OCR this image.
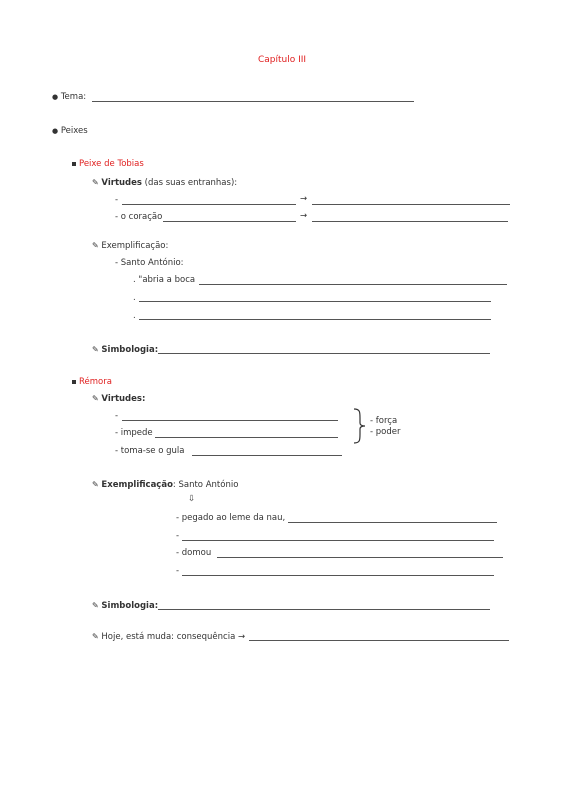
Capítulo III
● Tema:
● Peixes
Peixe de Tobias
✎ Virtudes (das suas entranhas):
-	→
- o coração	→
✎ Exemplificação:
- Santo António:
. "abria a boca
.
.
✎ Simbologia:
Rémora
✎ Virtudes:
-
- impede
- toma-se o gula
- força
- poder
✎ Exemplificação: Santo António
⇩
- pegado ao leme da nau,
-
- domou
-
✎ Simbologia:
✎ Hoje, está muda: consequência →
